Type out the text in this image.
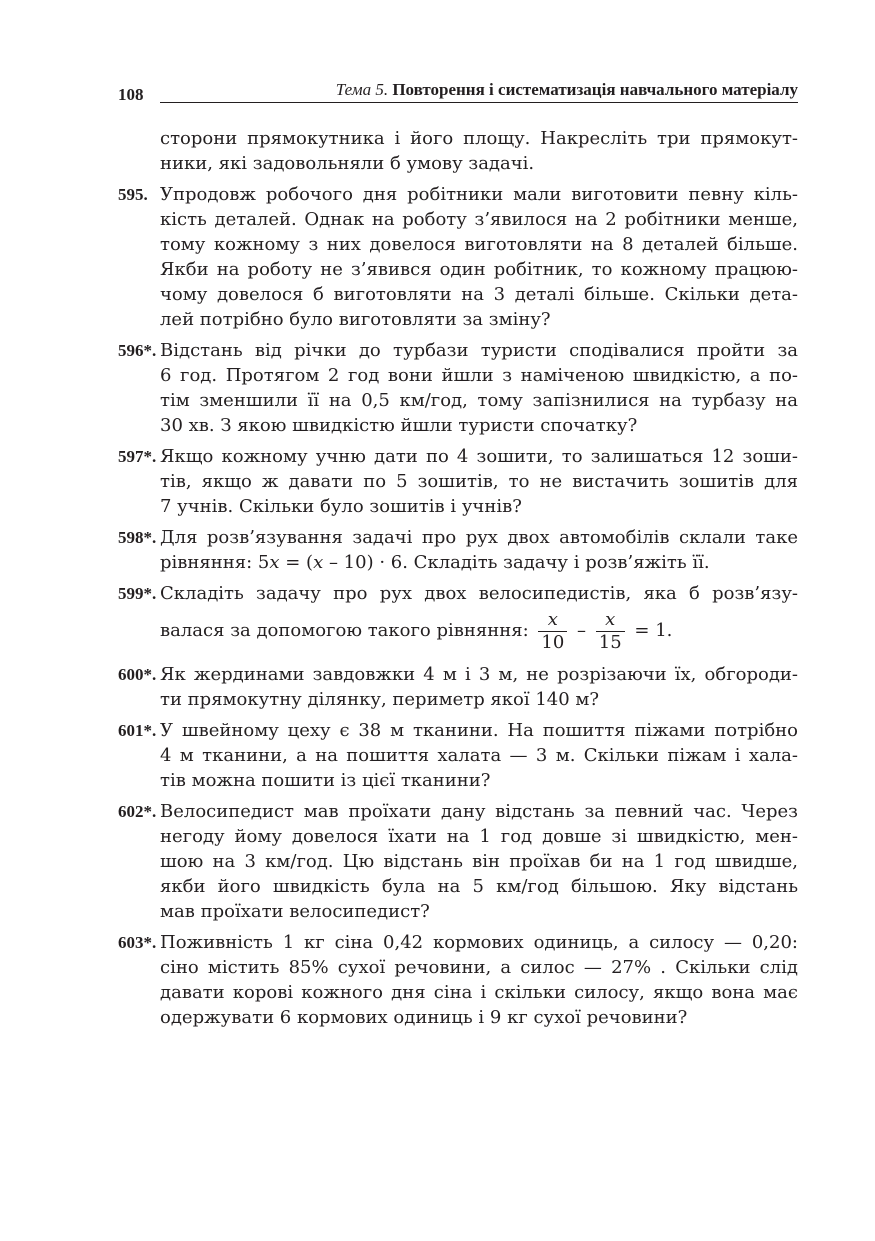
108	Тема 5. Повторення і систематизація навчального матеріалу
сторони прямокутника і його площу. Накресліть три прямокут-
ники, які задовольняли б умову задачі.
595. Упродовж робочого дня робітники мали виготовити певну кіль-
кість деталей. Однак на роботу з’явилося на 2 робітники менше,
тому кожному з них довелося виготовляти на 8 деталей більше.
Якби на роботу не з’явився один робітник, то кожному працюю-
чому довелося б виготовляти на 3 деталі більше. Скільки дета-
лей потрібно було виготовляти за зміну?
596*. Відстань від річки до турбази туристи сподівалися пройти за
6 год. Протягом 2 год вони йшли з наміченою швидкістю, а по-
тім зменшили її на 0,5 км/год, тому запізнилися на турбазу на
30 хв. З якою швидкістю йшли туристи спочатку?
597*. Якщо кожному учню дати по 4 зошити, то залишаться 12 зоши-
тів, якщо ж давати по 5 зошитів, то не вистачить зошитів для
7 учнів. Скільки було зошитів і учнів?
598*. Для розв’язування задачі про рух двох автомобілів склали таке
рівняння: 5x = (x – 10) · 6. Складіть задачу і розв’яжіть її.
599*. Складіть задачу про рух двох велосипедистів, яка б розв’язу-
валася за допомогою такого рівняння: $\frac{x}{10} - \frac{x}{15} = 1$.
600*. Як жердинами завдовжки 4 м і 3 м, не розрізаючи їх, обгороди-
ти прямокутну ділянку, периметр якої 140 м?
601*. У швейному цеху є 38 м тканини. На пошиття піжами потрібно
4 м тканини, а на пошиття халата — 3 м. Скільки піжам і хала-
тів можна пошити із цієї тканини?
602*. Велосипедист мав проїхати дану відстань за певний час. Через
негоду йому довелося їхати на 1 год довше зі швидкістю, мен-
шою на 3 км/год. Цю відстань він проїхав би на 1 год швидше,
якби його швидкість була на 5 км/год більшою. Яку відстань
мав проїхати велосипедист?
603*. Поживність 1 кг сіна 0,42 кормових одиниць, а силосу — 0,20:
сіно містить 85% сухої речовини, а силос — 27% . Скільки слід
давати корові кожного дня сіна і скільки силосу, якщо вона має
одержувати 6 кормових одиниць і 9 кг сухої речовини?
